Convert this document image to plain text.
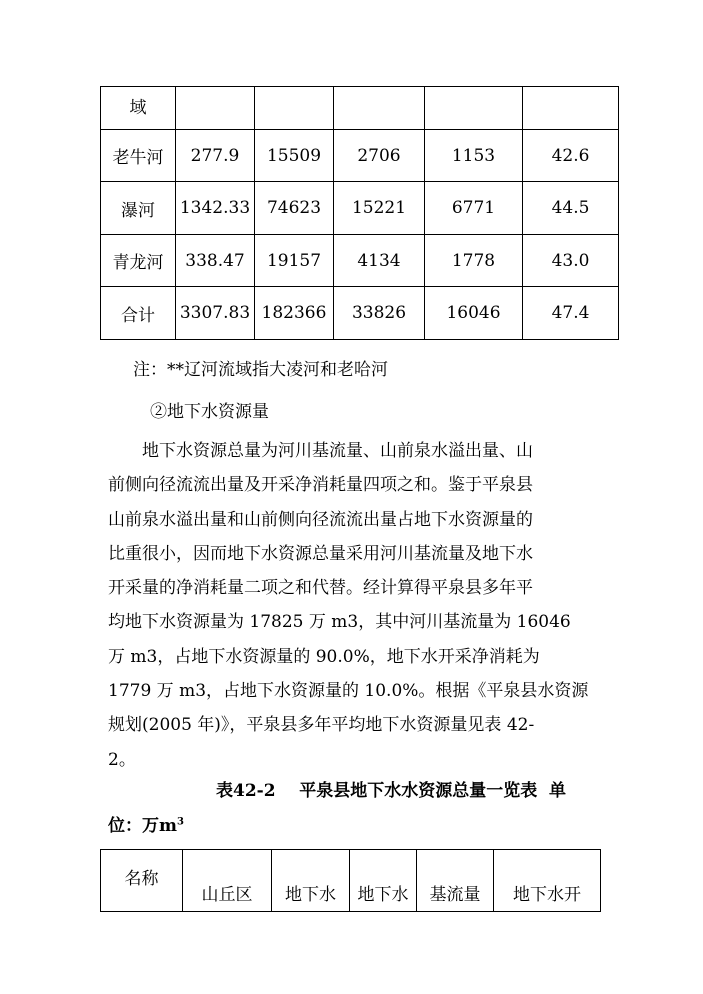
域					
老牛河	277.9	15509	2706	1153	42.6
瀑河	1342.33	74623	15221	6771	44.5
青龙河	338.47	19157	4134	1778	43.0
合计	3307.83	182366	33826	16046	47.4
注：**辽河流域指大凌河和老哈河
②地下水资源量
地下水资源总量为河川基流量、山前泉水溢出量、山
前侧向径流流出量及开采净消耗量四项之和。鉴于平泉县
山前泉水溢出量和山前侧向径流流出量占地下水资源量的
比重很小，因而地下水资源总量采用河川基流量及地下水
开采量的净消耗量二项之和代替。经计算得平泉县多年平
均地下水资源量为 17825 万 m3，其中河川基流量为 16046
万 m3，占地下水资源量的 90.0%，地下水开采净消耗为
1779 万 m3，占地下水资源量的 10.0%。根据《平泉县水资源
规划(2005 年)》，平泉县多年平均地下水资源量见表 42-
2。
表42-2    平泉县地下水水资源总量一览表  单
位：万$m^3$
名称	山丘区	地下水	地下水	基流量	地下水开
